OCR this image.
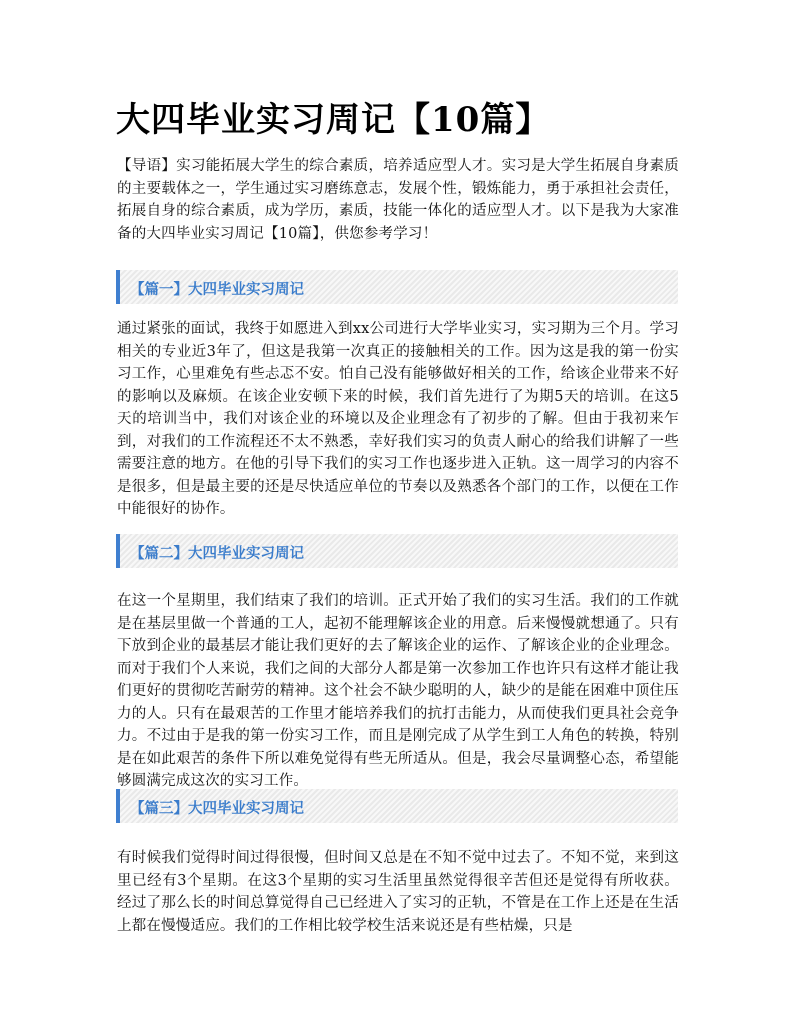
大四毕业实习周记【10篇】

【导语】实习能拓展大学生的综合素质，培养适应型人才。实习是大学生拓展自身素质的主要载体之一，学生通过实习磨练意志，发展个性，锻炼能力，勇于承担社会责任，拓展自身的综合素质，成为学历，素质，技能一体化的适应型人才。以下是我为大家准备的大四毕业实习周记【10篇】，供您参考学习！

【篇一】大四毕业实习周记

通过紧张的面试，我终于如愿进入到xx公司进行大学毕业实习，实习期为三个月。学习相关的专业近3年了，但这是我第一次真正的接触相关的工作。因为这是我的第一份实习工作，心里难免有些忐忑不安。怕自己没有能够做好相关的工作，给该企业带来不好的影响以及麻烦。在该企业安顿下来的时候，我们首先进行了为期5天的培训。在这5天的培训当中，我们对该企业的环境以及企业理念有了初步的了解。但由于我初来乍到，对我们的工作流程还不太不熟悉，幸好我们实习的负责人耐心的给我们讲解了一些需要注意的地方。在他的引导下我们的实习工作也逐步进入正轨。这一周学习的内容不是很多，但是最主要的还是尽快适应单位的节奏以及熟悉各个部门的工作，以便在工作中能很好的协作。

【篇二】大四毕业实习周记

在这一个星期里，我们结束了我们的培训。正式开始了我们的实习生活。我们的工作就是在基层里做一个普通的工人，起初不能理解该企业的用意。后来慢慢就想通了。只有下放到企业的最基层才能让我们更好的去了解该企业的运作、了解该企业的企业理念。而对于我们个人来说，我们之间的大部分人都是第一次参加工作也许只有这样才能让我们更好的贯彻吃苦耐劳的精神。这个社会不缺少聪明的人，缺少的是能在困难中顶住压力的人。只有在最艰苦的工作里才能培养我们的抗打击能力，从而使我们更具社会竞争力。不过由于是我的第一份实习工作，而且是刚完成了从学生到工人角色的转换，特别是在如此艰苦的条件下所以难免觉得有些无所适从。但是，我会尽量调整心态，希望能够圆满完成这次的实习工作。

【篇三】大四毕业实习周记

有时候我们觉得时间过得很慢，但时间又总是在不知不觉中过去了。不知不觉，来到这里已经有3个星期。在这3个星期的实习生活里虽然觉得很辛苦但还是觉得有所收获。经过了那么长的时间总算觉得自己已经进入了实习的正轨，不管是在工作上还是在生活上都在慢慢适应。我们的工作相比较学校生活来说还是有些枯燥，只是
